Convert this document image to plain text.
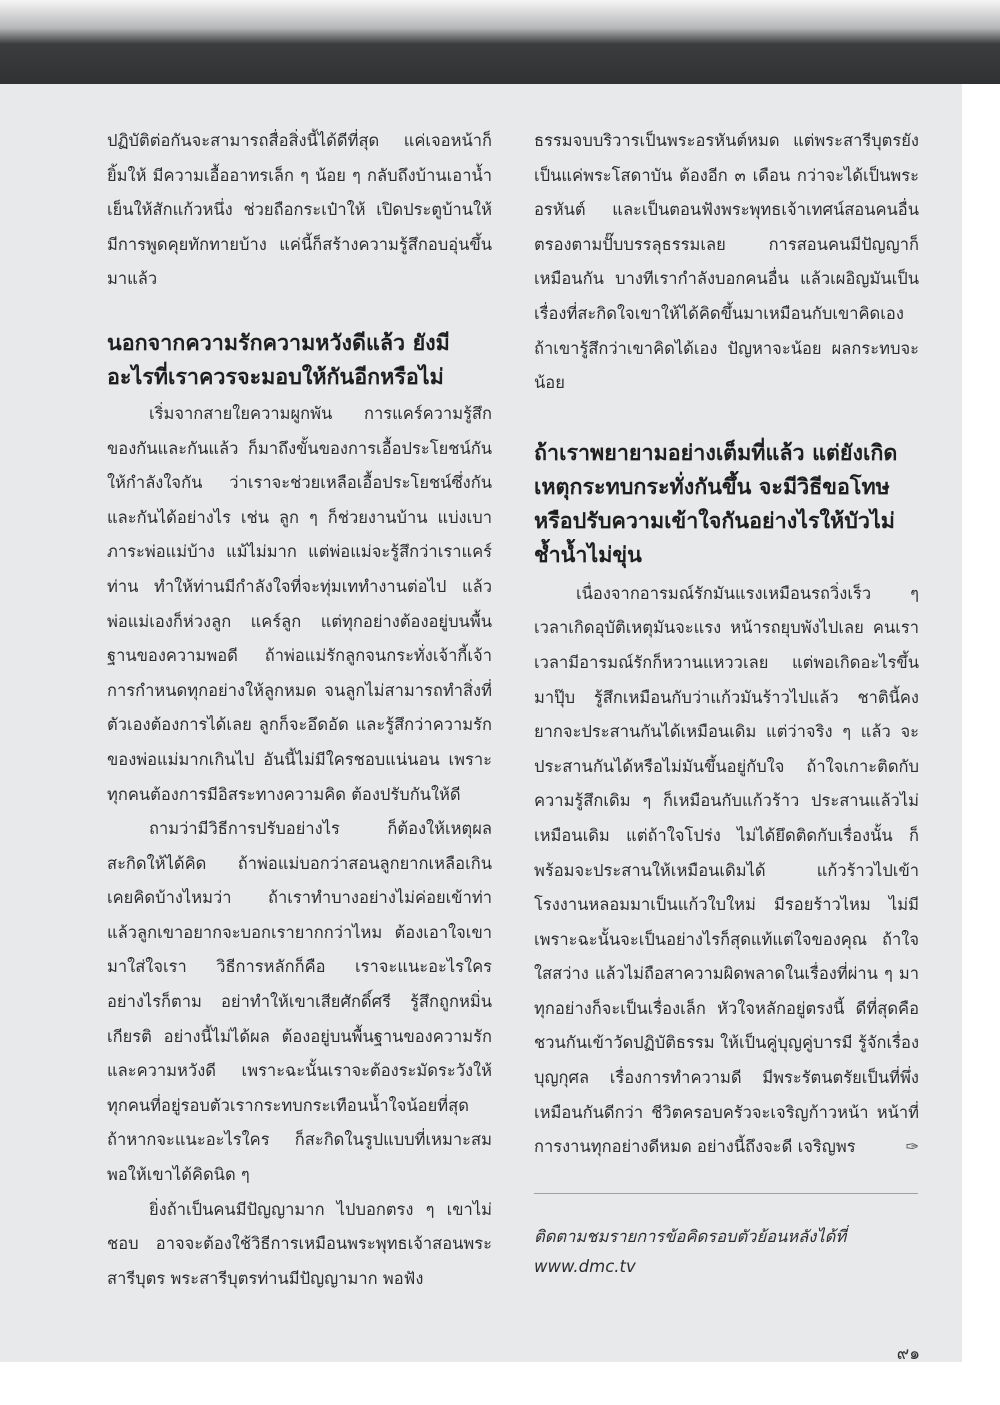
ปฏิบัติต่อกันจะสามารถสื่อสิ่งนี้ได้ดีที่สุด แค่เจอหน้าก็ยิ้มให้ มีความเอื้ออาทรเล็ก ๆ น้อย ๆ กลับถึงบ้านเอาน้ำเย็นให้สักแก้วหนึ่ง ช่วยถือกระเป๋าให้ เปิดประตูบ้านให้ มีการพูดคุยทักทายบ้าง แค่นี้ก็สร้างความรู้สึกอบอุ่นขึ้นมาแล้ว

นอกจากความรักความหวังดีแล้ว ยังมีอะไรที่เราควรจะมอบให้กันอีกหรือไม่

เริ่มจากสายใยความผูกพัน การแคร์ความรู้สึกของกันและกันแล้ว ก็มาถึงขั้นของการเอื้อประโยชน์กัน ให้กำลังใจกัน ว่าเราจะช่วยเหลือเอื้อประโยชน์ซึ่งกันและกันได้อย่างไร เช่น ลูก ๆ ก็ช่วยงานบ้าน แบ่งเบาภาระพ่อแม่บ้าง แม้ไม่มาก แต่พ่อแม่จะรู้สึกว่าเราแคร์ท่าน ทำให้ท่านมีกำลังใจที่จะทุ่มเททำงานต่อไป แล้วพ่อแม่เองก็ห่วงลูก แคร์ลูก แต่ทุกอย่างต้องอยู่บนพื้นฐานของความพอดี ถ้าพ่อแม่รักลูกจนกระทั่งเจ้ากี้เจ้าการกำหนดทุกอย่างให้ลูกหมด จนลูกไม่สามารถทำสิ่งที่ตัวเองต้องการได้เลย ลูกก็จะอึดอัด และรู้สึกว่าความรักของพ่อแม่มากเกินไป อันนี้ไม่มีใครชอบแน่นอน เพราะทุกคนต้องการมีอิสระทางความคิด ต้องปรับกันให้ดี

ถามว่ามีวิธีการปรับอย่างไร ก็ต้องให้เหตุผล สะกิดให้ได้คิด ถ้าพ่อแม่บอกว่าสอนลูกยากเหลือเกิน เคยคิดบ้างไหมว่า ถ้าเราทำบางอย่างไม่ค่อยเข้าท่า แล้วลูกเขาอยากจะบอกเรายากกว่าไหม ต้องเอาใจเขามาใส่ใจเรา วิธีการหลักก็คือ เราจะแนะอะไรใคร อย่างไรก็ตาม อย่าทำให้เขาเสียศักดิ์ศรี รู้สึกถูกหมิ่นเกียรติ อย่างนี้ไม่ได้ผล ต้องอยู่บนพื้นฐานของความรักและความหวังดี เพราะฉะนั้นเราจะต้องระมัดระวังให้ทุกคนที่อยู่รอบตัวเรากระทบกระเทือนน้ำใจน้อยที่สุด ถ้าหากจะแนะอะไรใคร ก็สะกิดในรูปแบบที่เหมาะสม พอให้เขาได้คิดนิด ๆ

ยิ่งถ้าเป็นคนมีปัญญามาก ไปบอกตรง ๆ เขาไม่ชอบ อาจจะต้องใช้วิธีการเหมือนพระพุทธเจ้าสอนพระสารีบุตร พระสารีบุตรท่านมีปัญญามาก พอฟัง

ธรรมจบบริวารเป็นพระอรหันต์หมด แต่พระสารีบุตรยังเป็นแค่พระโสดาบัน ต้องอีก ๓ เดือน กว่าจะได้เป็นพระอรหันต์ และเป็นตอนฟังพระพุทธเจ้าเทศน์สอนคนอื่น ตรองตามปั๊บบรรลุธรรมเลย การสอนคนมีปัญญาก็เหมือนกัน บางทีเรากำลังบอกคนอื่น แล้วเผอิญมันเป็นเรื่องที่สะกิดใจเขาให้ได้คิดขึ้นมาเหมือนกับเขาคิดเอง ถ้าเขารู้สึกว่าเขาคิดได้เอง ปัญหาจะน้อย ผลกระทบจะน้อย

ถ้าเราพยายามอย่างเต็มที่แล้ว แต่ยังเกิดเหตุกระทบกระทั่งกันขึ้น จะมีวิธีขอโทษหรือปรับความเข้าใจกันอย่างไรให้บัวไม่ช้ำน้ำไม่ขุ่น

เนื่องจากอารมณ์รักมันแรงเหมือนรถวิ่งเร็ว ๆ เวลาเกิดอุบัติเหตุมันจะแรง หน้ารถยุบพังไปเลย คนเราเวลามีอารมณ์รักก็หวานแหววเลย แต่พอเกิดอะไรขึ้นมาปุ๊บ รู้สึกเหมือนกับว่าแก้วมันร้าวไปแล้ว ชาตินี้คงยากจะประสานกันได้เหมือนเดิม แต่ว่าจริง ๆ แล้ว จะประสานกันได้หรือไม่มันขึ้นอยู่กับใจ ถ้าใจเกาะติดกับความรู้สึกเดิม ๆ ก็เหมือนกับแก้วร้าว ประสานแล้วไม่เหมือนเดิม แต่ถ้าใจโปร่ง ไม่ได้ยึดติดกับเรื่องนั้น ก็พร้อมจะประสานให้เหมือนเดิมได้ แก้วร้าวไปเข้าโรงงานหลอมมาเป็นแก้วใบใหม่ มีรอยร้าวไหม ไม่มี เพราะฉะนั้นจะเป็นอย่างไรก็สุดแท้แต่ใจของคุณ ถ้าใจใสสว่าง แล้วไม่ถือสาความผิดพลาดในเรื่องที่ผ่าน ๆ มา ทุกอย่างก็จะเป็นเรื่องเล็ก หัวใจหลักอยู่ตรงนี้ ดีที่สุดคือชวนกันเข้าวัดปฏิบัติธรรม ให้เป็นคู่บุญคู่บารมี รู้จักเรื่องบุญกุศล เรื่องการทำความดี มีพระรัตนตรัยเป็นที่พึ่งเหมือนกันดีกว่า ชีวิตครอบครัวจะเจริญก้าวหน้า หน้าที่การงานทุกอย่างดีหมด อย่างนี้ถึงจะดี เจริญพร	✑

ติดตามชมรายการข้อคิดรอบตัวย้อนหลังได้ที่
www.dmc.tv

๙๑
